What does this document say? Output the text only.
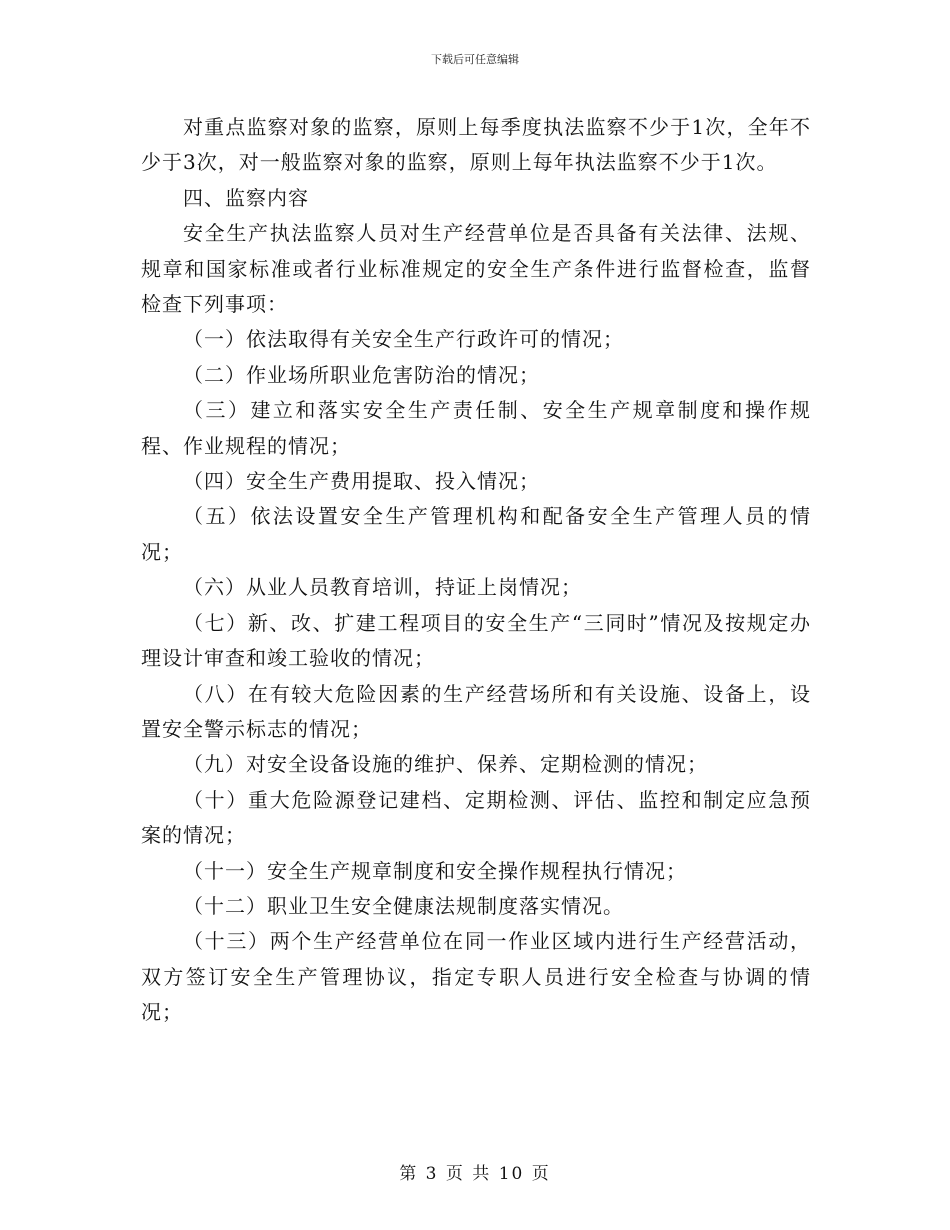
下载后可任意编辑

对重点监察对象的监察，原则上每季度执法监察不少于1次，全年不少于3次，对一般监察对象的监察，原则上每年执法监察不少于1次。

四、监察内容

安全生产执法监察人员对生产经营单位是否具备有关法律、法规、规章和国家标准或者行业标准规定的安全生产条件进行监督检查，监督检查下列事项：

（一）依法取得有关安全生产行政许可的情况；

（二）作业场所职业危害防治的情况；

（三）建立和落实安全生产责任制、安全生产规章制度和操作规程、作业规程的情况；

（四）安全生产费用提取、投入情况；

（五）依法设置安全生产管理机构和配备安全生产管理人员的情况；

（六）从业人员教育培训，持证上岗情况；

（七）新、改、扩建工程项目的安全生产“三同时”情况及按规定办理设计审查和竣工验收的情况；

（八）在有较大危险因素的生产经营场所和有关设施、设备上，设置安全警示标志的情况；

（九）对安全设备设施的维护、保养、定期检测的情况；

（十）重大危险源登记建档、定期检测、评估、监控和制定应急预案的情况；

（十一）安全生产规章制度和安全操作规程执行情况；

（十二）职业卫生安全健康法规制度落实情况。

（十三）两个生产经营单位在同一作业区域内进行生产经营活动，双方签订安全生产管理协议，指定专职人员进行安全检查与协调的情况；

第 3 页 共 10 页
